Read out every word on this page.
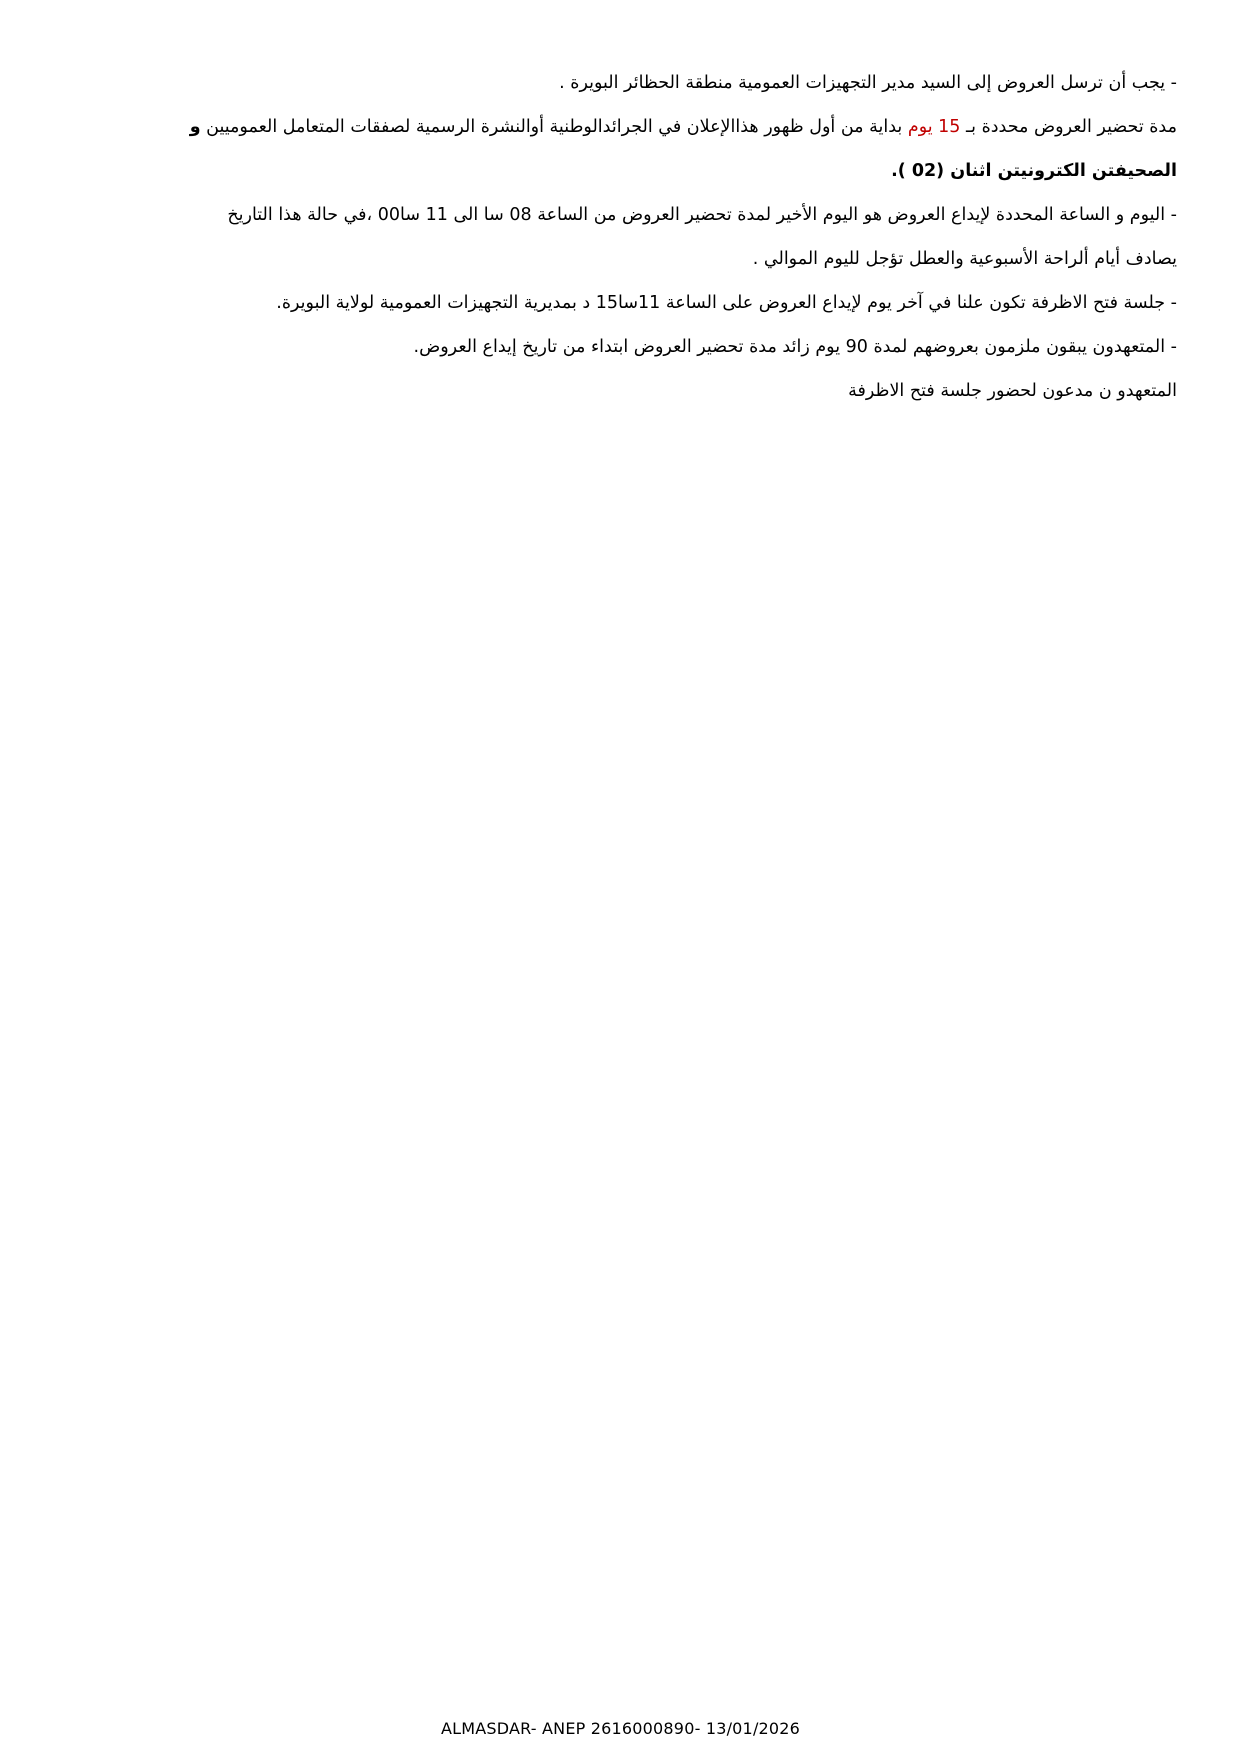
- يجب أن ترسل العروض إلى السيد مدير التجهيزات العمومية منطقة الحظائر البويرة .

مدة تحضير العروض محددة بـ 15 يوم بداية من أول ظهور هذاالإعلان في الجرائدالوطنية أوالنشرة الرسمية لصفقات المتعامل العموميين و
الصحيفتن الكترونيتن اثنان (02 ).

- اليوم و الساعة المحددة لإيداع العروض هو اليوم الأخير لمدة تحضير العروض من الساعة 08 سا الى 11 سا00 ،في حالة هذا التاريخ
يصادف أيام ألراحة الأسبوعية والعطل تؤجل لليوم الموالي .

- جلسة فتح الاظرفة تكون علنا في آخر يوم لإيداع العروض على الساعة 11سا15 د بمديرية التجهيزات العمومية لولاية البويرة.

- المتعهدون يبقون ملزمون بعروضهم لمدة 90 يوم زائد مدة تحضير العروض ابتداء من تاريخ إيداع العروض.

المتعهدو ن مدعون لحضور جلسة فتح الاظرفة

ALMASDAR- ANEP 2616000890- 13/01/2026
